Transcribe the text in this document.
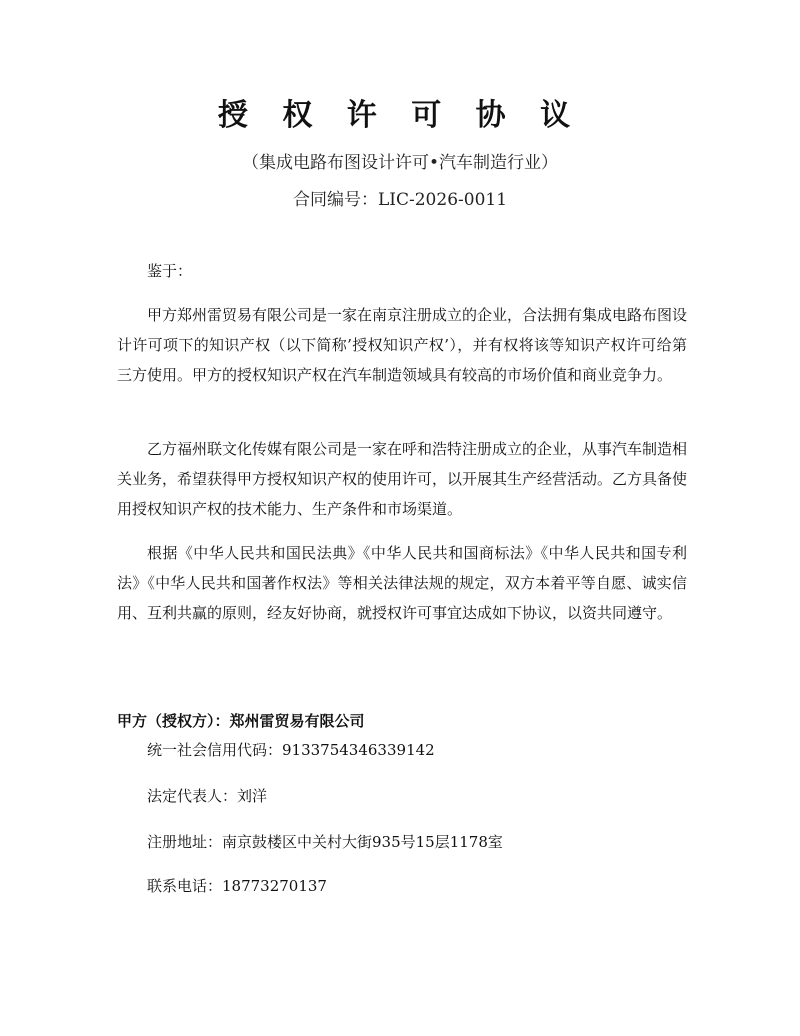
授 权 许 可 协 议
（集成电路布图设计许可•汽车制造行业）
合同编号：LIC-2026-0011

鉴于：

甲方郑州雷贸易有限公司是一家在南京注册成立的企业，合法拥有集成电路布图设计许可项下的知识产权（以下简称’授权知识产权’），并有权将该等知识产权许可给第三方使用。甲方的授权知识产权在汽车制造领域具有较高的市场价值和商业竞争力。

乙方福州联文化传媒有限公司是一家在呼和浩特注册成立的企业，从事汽车制造相关业务，希望获得甲方授权知识产权的使用许可，以开展其生产经营活动。乙方具备使用授权知识产权的技术能力、生产条件和市场渠道。

根据《中华人民共和国民法典》《中华人民共和国商标法》《中华人民共和国专利法》《中华人民共和国著作权法》等相关法律法规的规定，双方本着平等自愿、诚实信用、互利共赢的原则，经友好协商，就授权许可事宜达成如下协议，以资共同遵守。

甲方（授权方）：郑州雷贸易有限公司
统一社会信用代码：9133754346339142
法定代表人：刘洋
注册地址：南京鼓楼区中关村大街935号15层1178室
联系电话：18773270137
